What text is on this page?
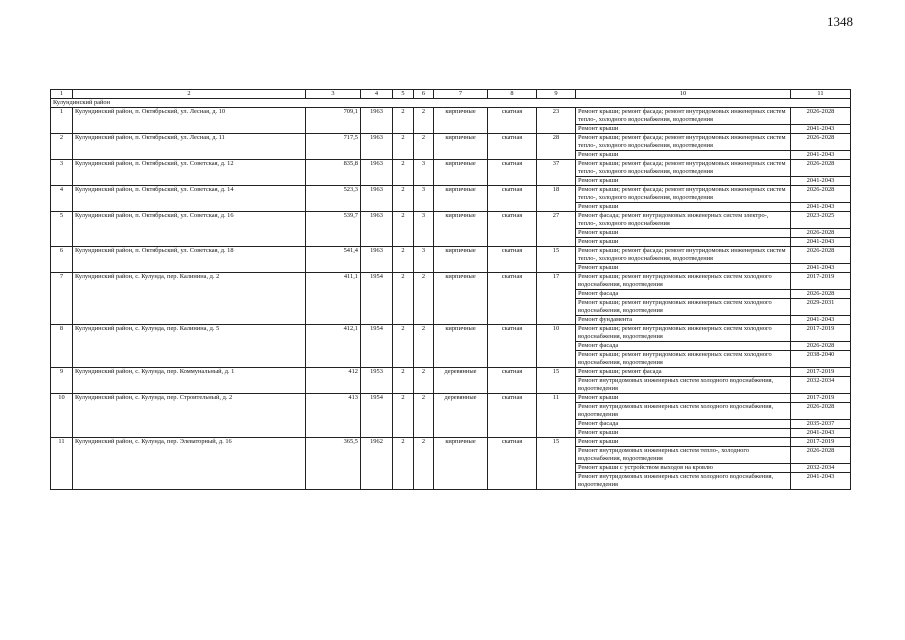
1348
1	2	3	4	5	6	7	8	9	10	11
Кулундинский район										
1	Кулундинский район, п. Октябрьский, ул. Лесная, д. 10	709,1	1963	2	2	кирпичные	скатная	23	Ремонт крыши; ремонт фасада; ремонт внутридомовых инженерных систем тепло-, холодного водоснабжения, водоотведения	2026-2028
									Ремонт крыши	2041-2043
2	Кулундинский район, п. Октябрьский, ул. Лесная, д. 11	717,5	1963	2	2	кирпичные	скатная	28	Ремонт крыши; ремонт фасада; ремонт внутридомовых инженерных систем тепло-, холодного водоснабжения, водоотведения	2026-2028
									Ремонт крыши	2041-2043
3	Кулундинский район, п. Октябрьский, ул. Советская, д. 12	835,8	1963	2	3	кирпичные	скатная	37	Ремонт крыши; ремонт фасада; ремонт внутридомовых инженерных систем тепло-, холодного водоснабжения, водоотведения	2026-2028
									Ремонт крыши	2041-2043
4	Кулундинский район, п. Октябрьский, ул. Советская, д. 14	523,3	1963	2	3	кирпичные	скатная	18	Ремонт крыши; ремонт фасада; ремонт внутридомовых инженерных систем тепло-, холодного водоснабжения, водоотведения	2026-2028
									Ремонт крыши	2041-2043
5	Кулундинский район, п. Октябрьский, ул. Советская, д. 16	539,7	1963	2	3	кирпичные	скатная	27	Ремонт фасада; ремонт внутридомовых инженерных систем электро-, тепло-, холодного водоснабжения	2023-2025
									Ремонт крыши	2026-2028
									Ремонт крыши	2041-2043
6	Кулундинский район, п. Октябрьский, ул. Советская, д. 18	541,4	1963	2	3	кирпичные	скатная	15	Ремонт крыши; ремонт фасада; ремонт внутридомовых инженерных систем тепло-, холодного водоснабжения, водоотведения	2026-2028
									Ремонт крыши	2041-2043
7	Кулундинский район, с. Кулунда, пер. Калинина, д. 2	411,1	1954	2	2	кирпичные	скатная	17	Ремонт крыши; ремонт внутридомовых инженерных систем холодного водоснабжения, водоотведения	2017-2019
									Ремонт фасада	2026-2028
									Ремонт крыши; ремонт внутридомовых инженерных систем холодного водоснабжения, водоотведения	2029-2031
									Ремонт фундамента	2041-2043
8	Кулундинский район, с. Кулунда, пер. Калинина, д. 5	412,1	1954	2	2	кирпичные	скатная	10	Ремонт крыши; ремонт внутридомовых инженерных систем холодного водоснабжения, водоотведения	2017-2019
									Ремонт фасада	2026-2028
									Ремонт крыши; ремонт внутридомовых инженерных систем холодного водоснабжения, водоотведения	2038-2040
9	Кулундинский район, с. Кулунда, пер. Коммунальный, д. 1	412	1953	2	2	деревянные	скатная	15	Ремонт крыши; ремонт фасада	2017-2019
									Ремонт внутридомовых инженерных систем холодного водоснабжения, водоотведения	2032-2034
10	Кулундинский район, с. Кулунда, пер. Строительный, д. 2	413	1954	2	2	деревянные	скатная	11	Ремонт крыши	2017-2019
									Ремонт внутридомовых инженерных систем холодного водоснабжения, водоотведения	2026-2028
									Ремонт фасада	2035-2037
									Ремонт крыши	2041-2043
11	Кулундинский район, с. Кулунда, пер. Элеваторный, д. 16	365,5	1962	2	2	кирпичные	скатная	15	Ремонт крыши	2017-2019
									Ремонт внутридомовых инженерных систем тепло-, холодного водоснабжения, водоотведения	2026-2028
									Ремонт крыши с устройством выходов на кровлю	2032-2034
									Ремонт внутридомовых инженерных систем холодного водоснабжения, водоотведения	2041-2043
